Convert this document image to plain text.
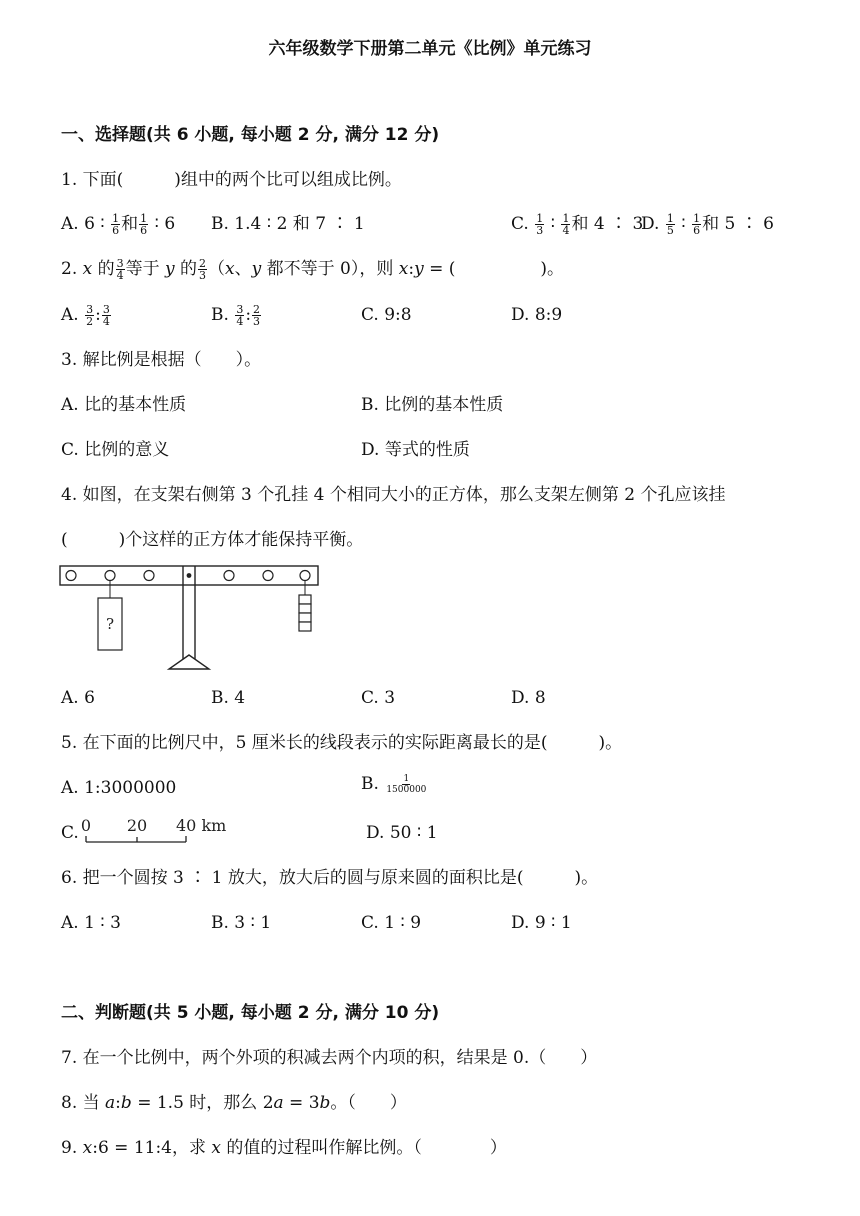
六年级数学下册第二单元《比例》单元练习
一、选择题(共 6 小题, 每小题 2 分, 满分 12 分)
1. 下面(　　　)组中的两个比可以组成比例。
A. 6 ∶ $\frac{1}{6}$ 和 $\frac{1}{6}$ ∶ 6 B. 1.4 ∶ 2 和 7 ∶ 1	C. $\frac{1}{3}$ ∶ $\frac{1}{4}$ 和 4 ∶ 3
D. $\frac{1}{5}$ ∶ $\frac{1}{6}$ 和 5 ∶ 6
2. x 的 $\frac{3}{4}$ 等于 y 的 $\frac{2}{3} (x$、y 都不等于 0），则 x:y = (　　　　　)。
A. $\frac{3}{2}$ : $\frac{3}{4}$	B. $\frac{3}{4}$ : $\frac{2}{3}$	C. 9:8	D. 8:9
3. 解比例是根据（　　）。
A. 比的基本性质	B. 比例的基本性质
C. 比例的意义	D. 等式的性质
4. 如图，在支架右侧第 3 个孔挂 4 个相同大小的正方体，那么支架左侧第 2 个孔应该挂
(　　　)个这样的正方体才能保持平衡。
?
A. 6	B. 4	C. 3	D. 8
5. 在下面的比例尺中，5 厘米长的线段表示的实际距离最长的是(　　　)。
A. 1:3000000	B. $\frac{1}{1500000}$
C. 0 20 40 km	D. 50 ∶ 1
6. 把一个圆按 3 ∶ 1 放大，放大后的圆与原来圆的面积比是(　　　)。
A. 1 ∶ 3	B. 3 ∶ 1	C. 1 ∶ 9	D. 9 ∶ 1
二、判断题(共 5 小题, 每小题 2 分, 满分 10 分)
7. 在一个比例中，两个外项的积减去两个内项的积，结果是 0.（　　）
8. 当 a:b = 1.5 时，那么 2a = 3b。（　　）
9. x:6 = 11:4，求 x 的值的过程叫作解比例。（　　　　）
